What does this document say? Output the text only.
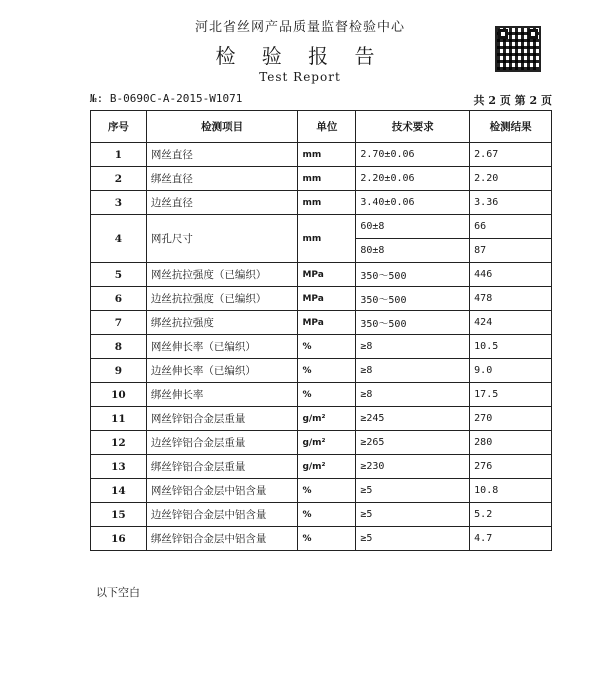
河北省丝网产品质量监督检验中心
检 验 报 告
Test Report
№: B-0690C-A-2015-W1071	共 2 页 第 2 页
序号	检测项目	单位	技术要求	检测结果
1	网丝直径	mm	2.70±0.06	2.67
2	绑丝直径	mm	2.20±0.06	2.20
3	边丝直径	mm	3.40±0.06	3.36
4	网孔尺寸	mm	60±8	66
			80±8	87
5	网丝抗拉强度（已编织）	MPa	350～500	446
6	边丝抗拉强度（已编织）	MPa	350～500	478
7	绑丝抗拉强度	MPa	350～500	424
8	网丝伸长率（已编织）	%	≥8	10.5
9	边丝伸长率（已编织）	%	≥8	9.0
10	绑丝伸长率	%	≥8	17.5
11	网丝锌铝合金层重量	g/m²	≥245	270
12	边丝锌铝合金层重量	g/m²	≥265	280
13	绑丝锌铝合金层重量	g/m²	≥230	276
14	网丝锌铝合金层中铝含量	%	≥5	10.8
15	边丝锌铝合金层中铝含量	%	≥5	5.2
16	绑丝锌铝合金层中铝含量	%	≥5	4.7
以下空白
